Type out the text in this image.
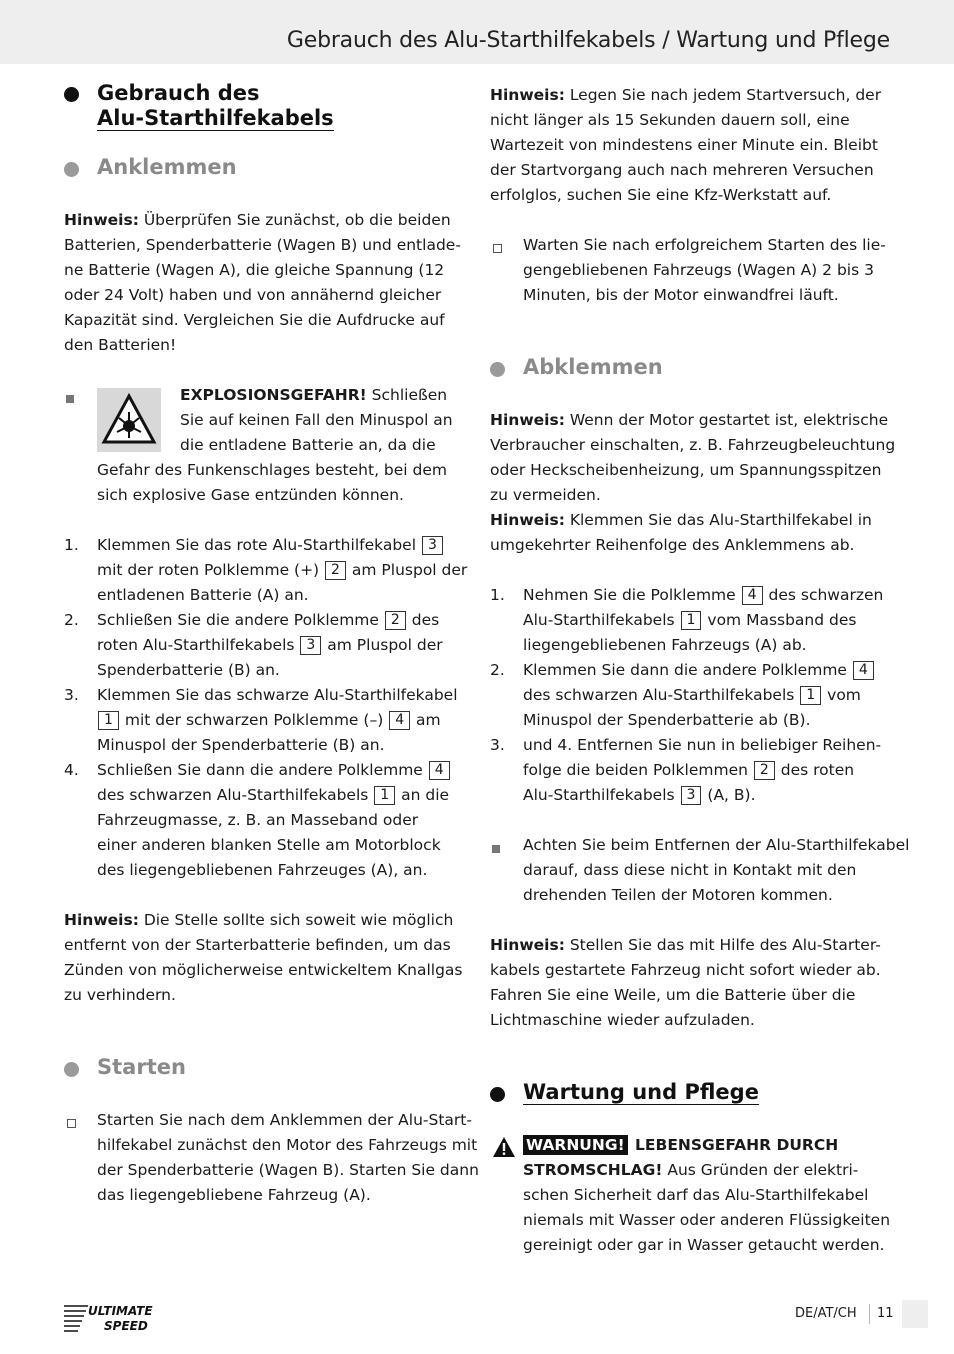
Gebrauch des Alu-Starthilfekabels / Wartung und Pflege
Gebrauch des
Alu-Starthilfekabels
Anklemmen
Hinweis: Überprüfen Sie zunächst, ob die beiden
Batterien, Spenderbatterie (Wagen B) und entlade-
ne Batterie (Wagen A), die gleiche Spannung (12
oder 24 Volt) haben und von annähernd gleicher
Kapazität sind. Vergleichen Sie die Aufdrucke auf
den Batterien!
EXPLOSIONSGEFAHR! Schließen
Sie auf keinen Fall den Minuspol an
die entladene Batterie an, da die
Gefahr des Funkenschlages besteht, bei dem
sich explosive Gase entzünden können.
1. Klemmen Sie das rote Alu-Starthilfekabel 3
mit der roten Polklemme (+) 2 am Pluspol der
entladenen Batterie (A) an.
2. Schließen Sie die andere Polklemme 2 des
roten Alu-Starthilfekabels 3 am Pluspol der
Spenderbatterie (B) an.
3. Klemmen Sie das schwarze Alu-Starthilfekabel
1 mit der schwarzen Polklemme (–) 4 am
Minuspol der Spenderbatterie (B) an.
4. Schließen Sie dann die andere Polklemme 4
des schwarzen Alu-Starthilfekabels 1 an die
Fahrzeugmasse, z. B. an Masseband oder
einer anderen blanken Stelle am Motorblock
des liegengebliebenen Fahrzeuges (A), an.
Hinweis: Die Stelle sollte sich soweit wie möglich
entfernt von der Starterbatterie befinden, um das
Zünden von möglicherweise entwickeltem Knallgas
zu verhindern.
Starten
Starten Sie nach dem Anklemmen der Alu-Start-
hilfekabel zunächst den Motor des Fahrzeugs mit
der Spenderbatterie (Wagen B). Starten Sie dann
das liegengebliebene Fahrzeug (A).
Hinweis: Legen Sie nach jedem Startversuch, der
nicht länger als 15 Sekunden dauern soll, eine
Wartezeit von mindestens einer Minute ein. Bleibt
der Startvorgang auch nach mehreren Versuchen
erfolglos, suchen Sie eine Kfz-Werkstatt auf.
Warten Sie nach erfolgreichem Starten des lie-
gengebliebenen Fahrzeugs (Wagen A) 2 bis 3
Minuten, bis der Motor einwandfrei läuft.
Abklemmen
Hinweis: Wenn der Motor gestartet ist, elektrische
Verbraucher einschalten, z. B. Fahrzeugbeleuchtung
oder Heckscheibenheizung, um Spannungsspitzen
zu vermeiden.
Hinweis: Klemmen Sie das Alu-Starthilfekabel in
umgekehrter Reihenfolge des Anklemmens ab.
1. Nehmen Sie die Polklemme 4 des schwarzen
Alu-Starthilfekabels 1 vom Massband des
liegengebliebenen Fahrzeugs (A) ab.
2. Klemmen Sie dann die andere Polklemme 4
des schwarzen Alu-Starthilfekabels 1 vom
Minuspol der Spenderbatterie ab (B).
3. und 4. Entfernen Sie nun in beliebiger Reihen-
folge die beiden Polklemmen 2 des roten
Alu-Starthilfekabels 3 (A, B).
Achten Sie beim Entfernen der Alu-Starthilfekabel
darauf, dass diese nicht in Kontakt mit den
drehenden Teilen der Motoren kommen.
Hinweis: Stellen Sie das mit Hilfe des Alu-Starter-
kabels gestartete Fahrzeug nicht sofort wieder ab.
Fahren Sie eine Weile, um die Batterie über die
Lichtmaschine wieder aufzuladen.
Wartung und Pflege
WARNUNG! LEBENSGEFAHR DURCH
STROMSCHLAG! Aus Gründen der elektri-
schen Sicherheit darf das Alu-Starthilfekabel
niemals mit Wasser oder anderen Flüssigkeiten
gereinigt oder gar in Wasser getaucht werden.
ULTIMATE
SPEED
DE/AT/CH 11
